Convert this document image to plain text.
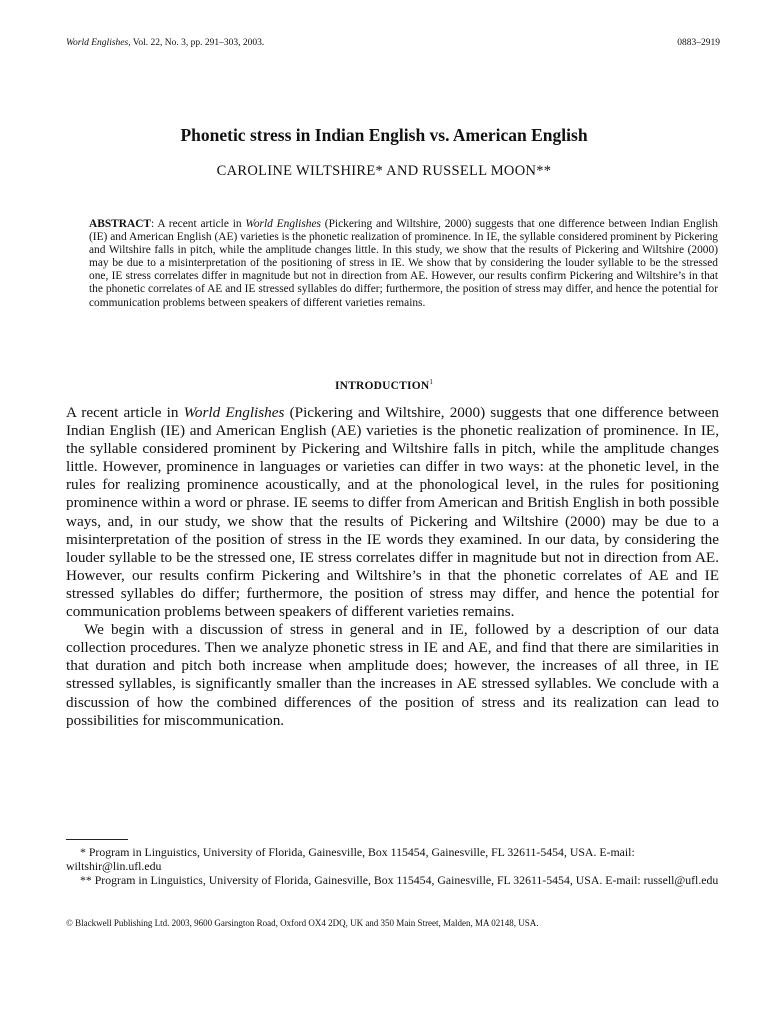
World Englishes, Vol. 22, No. 3, pp. 291–303, 2003.	0883–2919
Phonetic stress in Indian English vs. American English
CAROLINE WILTSHIRE* AND RUSSELL MOON**
ABSTRACT: A recent article in World Englishes (Pickering and Wiltshire, 2000) suggests that one difference between Indian English (IE) and American English (AE) varieties is the phonetic realization of prominence. In IE, the syllable considered prominent by Pickering and Wiltshire falls in pitch, while the amplitude changes little. In this study, we show that the results of Pickering and Wiltshire (2000) may be due to a misinterpretation of the positioning of stress in IE. We show that by considering the louder syllable to be the stressed one, IE stress correlates differ in magnitude but not in direction from AE. However, our results confirm Pickering and Wiltshire’s in that the phonetic correlates of AE and IE stressed syllables do differ; furthermore, the position of stress may differ, and hence the potential for communication problems between speakers of different varieties remains.
INTRODUCTION$^1$

A recent article in World Englishes (Pickering and Wiltshire, 2000) suggests that one difference between Indian English (IE) and American English (AE) varieties is the phonetic realization of prominence. In IE, the syllable considered prominent by Pickering and Wiltshire falls in pitch, while the amplitude changes little. However, prominence in languages or varieties can differ in two ways: at the phonetic level, in the rules for realizing prominence acoustically, and at the phonological level, in the rules for positioning prominence within a word or phrase. IE seems to differ from American and British English in both possible ways, and, in our study, we show that the results of Pickering and Wiltshire (2000) may be due to a misinterpretation of the position of stress in the IE words they examined. In our data, by considering the louder syllable to be the stressed one, IE stress correlates differ in magnitude but not in direction from AE. However, our results confirm Pickering and Wiltshire’s in that the phonetic correlates of AE and IE stressed syllables do differ; furthermore, the position of stress may differ, and hence the potential for communication problems between speakers of different varieties remains.

We begin with a discussion of stress in general and in IE, followed by a description of our data collection procedures. Then we analyze phonetic stress in IE and AE, and find that there are similarities in that duration and pitch both increase when amplitude does; however, the increases of all three, in IE stressed syllables, is significantly smaller than the increases in AE stressed syllables. We conclude with a discussion of how the combined differences of the position of stress and its realization can lead to possibilities for miscommunication.

* Program in Linguistics, University of Florida, Gainesville, Box 115454, Gainesville, FL 32611-5454, USA. E-mail: wiltshir@lin.ufl.edu

** Program in Linguistics, University of Florida, Gainesville, Box 115454, Gainesville, FL 32611-5454, USA. E-mail: russell@ufl.edu

© Blackwell Publishing Ltd. 2003, 9600 Garsington Road, Oxford OX4 2DQ, UK and 350 Main Street, Malden, MA 02148, USA.
